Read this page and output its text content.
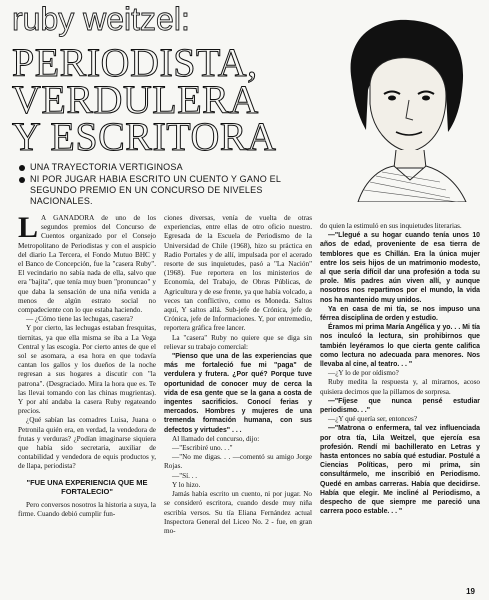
ruby weitzel:
PERIODISTA,
VERDULERA
Y ESCRITORA
UNA TRAYECTORIA VERTIGINOSA
NI POR JUGAR HABIA ESCRITO UN CUENTO Y GANO EL SEGUNDO PREMIO EN UN CONCURSO DE NIVELES NACIONALES.
L A GANADORA de uno de los segundos premios del Concurso de Cuentos organizado por el Consejo Metropolitano de Periodistas y con el auspicio del diario La Tercera, el Fondo Mutuo BHC y el Banco de Concepción, fue la "casera Ruby". El vecindario no sabía nada de ella, salvo que era "bajita", que tenía muy buen "pronuncao" y que daba la sensación de una niña venida a menos de algún estrato social no compadeciente con lo que estaba haciendo.

— ¿Cómo tiene las lechugas, casera?

Y por cierto, las lechugas estaban fresquitas, tiernitas, ya que ella misma se iba a La Vega Central y las escogía. Por cierto antes de que el sol se asomara, a esa hora en que todavía cantan los gallos y los dueños de la noche regresan a sus hogares a discutir con "la patrona". (Desgraciado. Mira la hora que es. Te las llevai tomando con las chinas mugrientas). Y por ahí andaba la casera Ruby regateando precios.

¿Qué sabían las comadres Luisa, Juana o Petronila quién era, en verdad, la vendedora de frutas y verduras? ¿Podían imaginarse siquiera que había sido secretaria, auxiliar de contabilidad y vendedora de equis productos y, de llapa, periodista?

"FUE UNA EXPERIENCIA QUE ME FORTALECIO"

Pero conversos nosotros la historia a suya, la firme. Cuando debió cumplir fun-

ciones diversas, venía de vuelta de otras experiencias, entre ellas de otro oficio nuestro. Egresada de la Escuela de Periodismo de la Universidad de Chile (1968), hizo su práctica en Radio Portales y de allí, impulsada por el acerado resorte de sus inquietudes, pasó a "La Nación" (1968). Fue reportera en los ministerios de Economía, del Trabajo, de Obras Públicas, de Agricultura y de ese frente, ya que había volcado, a veces tan conflictivo, como es Moneda. Saltos aquí, Y saltos allá. Sub-jefe de Crónica, jefe de Crónica, jefe de Informaciones. Y, por entremedio, reportera gráfica free lancer.

La "casera" Ruby no quiere que se diga sin relievar su trabajo comercial:

"Pienso que una de las experiencias que más me fortaleció fue mi "paga" de verdulera y frutera. ¿Por qué? Porque tuve oportunidad de conocer muy de cerca la vida de esa gente que se la gana a costa de ingentes sacrificios. Conocí ferias y mercados. Hombres y mujeres de una tremenda formación humana, con sus defectos y virtudes" . . .

Al llamado del concurso, dijo:

—"Escribiré uno. . ."

—"No me digas. . . —comentó su amigo Jorge Rojas.

—"Sí. . .

Y lo hizo.

Jamás había escrito un cuento, ni por jugar. No se consideró escritora, cuando desde muy niña escribía versos. Su tía Eliana Fernández actual Inspectora General del Liceo No. 2 - fue, en gran mo-

do quien la estimuló en sus inquietudes literarias.

—"Llegué a su hogar cuando tenía unos 10 años de edad, proveniente de esa tierra de temblores que es Chillán. Era la única mujer entre los seis hijos de un matrimonio modesto, al que sería difícil dar una profesión a toda su prole. Mis padres aún viven allí, y aunque nosotros nos repartimos por el mundo, la vida nos ha mantenido muy unidos.

Ya en casa de mi tía, se nos impuso una férrea disciplina de orden y estudio.

Éramos mi prima María Angélica y yo. . . Mi tía nos inculcó la lectura, sin prohibirnos que también leyéramos lo que cierta gente califica como lectura no adecuada para menores. Nos llevaba al cine, al teatro. . . "

—¿Y lo de por oídismo?

Ruby medita la respuesta y, al mirarnos, acoso quisiera decirnos que la pillamos de sorpresa.

—"Fíjese que nunca pensé estudiar periodismo. . ."

—¿Y qué quería ser, entonces?

—"Matrona o enfermera, tal vez influenciada por otra tía, Lila Weitzel, que ejercía esa profesión. Rendí mi bachillerato en Letras y hasta entonces no sabía qué estudiar. Postulé a Ciencias Políticas, pero mi prima, sin consultármelo, me inscribió en Periodismo. Quedé en ambas carreras. Había que decidirse. Había que elegir. Me incliné al Periodismo, a despecho de que siempre me pareció una carrera poco estable. . . "

19
